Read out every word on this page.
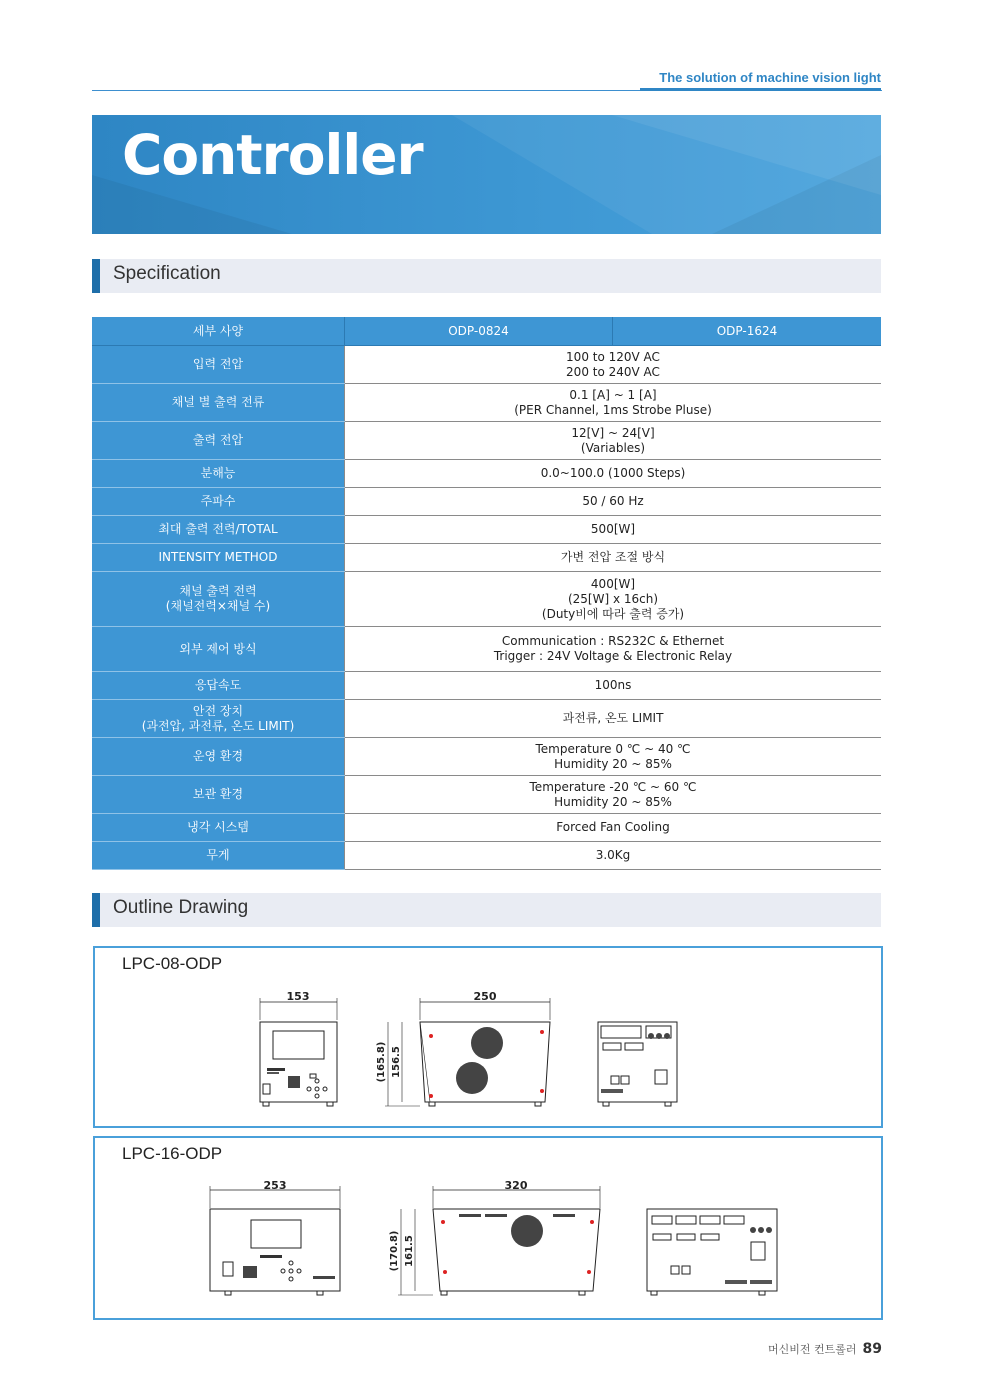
The solution of machine vision light
Controller
Specification
세부 사양	ODP-0824	ODP-1624

입력 전압	100 to 120V AC
200 to 240V AC	

채널 별 출력 전류	0.1 [A] ~ 1 [A]
(PER Channel, 1ms Strobe Pluse)	

출력 전압	12[V] ~ 24[V]
(Variables)	

분해능	0.0~100.0 (1000 Steps)	

주파수	50 / 60 Hz	

최대 출력 전력/TOTAL	500[W]	

INTENSITY METHOD	가변 전압 조절 방식	

채널 출력 전력
(채널전력×채널 수)	400[W]
(25[W] x 16ch)
(Duty비에 따라 출력 증가)	

외부 제어 방식	Communication : RS232C & Ethernet
Trigger : 24V Voltage & Electronic Relay	

응답속도	100ns	

안전 장치
(과전압, 과전류, 온도 LIMIT)	과전류, 온도 LIMIT	

운영 환경	Temperature 0 ℃ ~ 40 ℃
Humidity 20 ~ 85%	

보관 환경	Temperature -20 ℃ ~ 60 ℃
Humidity 20 ~ 85%	

냉각 시스템	Forced Fan Cooling	

무게	3.0Kg	
Outline Drawing
LPC-08-ODP
153	250
(165.8) 156.5
LPC-16-ODP
253	320
(170.8) 161.5
머신비전 컨트롤러 89
